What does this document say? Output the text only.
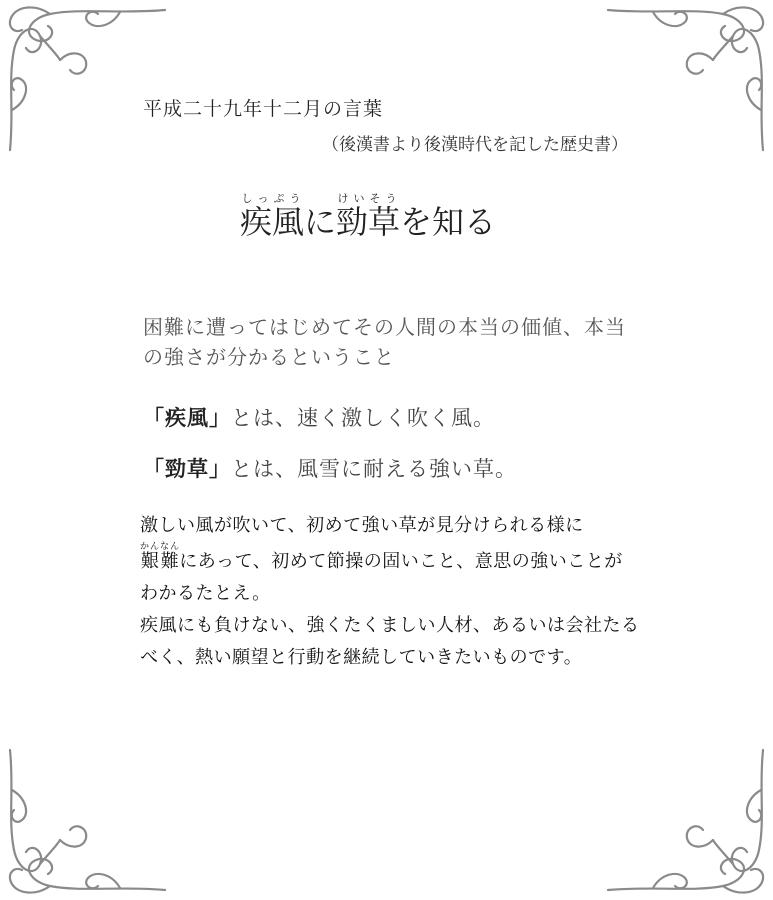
平成二十九年十二月の言葉
（後漢書より後漢時代を記した歴史書）
疾風しっぷうに勁草けいそうを知る
困難に遭ってはじめてその人間の本当の価値、本当の強さが分かるということ
「疾風」とは、速く激しく吹く風。
「勁草」とは、風雪に耐える強い草。

激しい風が吹いて、初めて強い草が見分けられる様に

艱難かんなんにあって、初めて節操の固いこと、意思の強いことがわかるたとえ。

疾風にも負けない、強くたくましい人材、あるいは会社たるべく、熱い願望と行動を継続していきたいものです。
